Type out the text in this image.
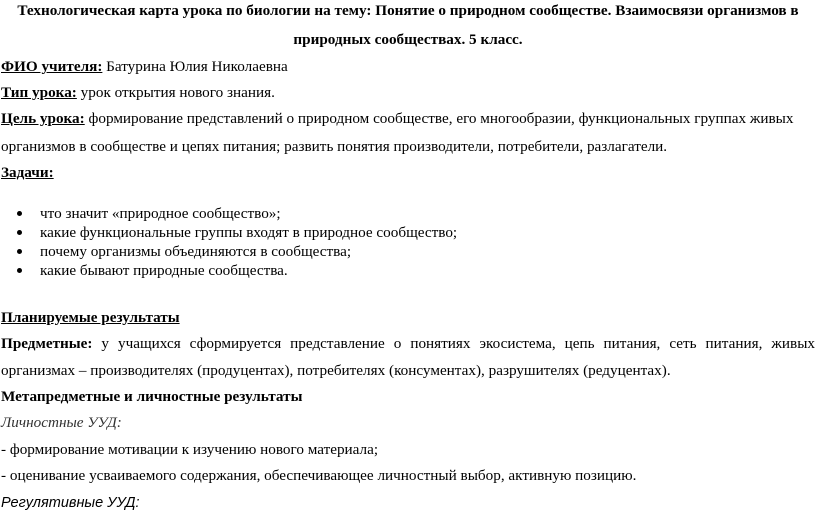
Технологическая карта урока по биологии на тему: Понятие о природном сообществе. Взаимосвязи организмов в
природных сообществах. 5 класс.
ФИО учителя: Батурина Юлия Николаевна
Тип урока: урок открытия нового знания.
Цель урока: формирование представлений о природном сообществе, его многообразии, функциональных группах живых
организмов в сообществе и цепях питания; развить понятия производители, потребители, разлагатели.
Задачи:
что значит «природное сообщество»;
какие функциональные группы входят в природное сообщество;
почему организмы объединяются в сообщества;
какие бывают природные сообщества.
Планируемые результаты
Предметные: у учащихся сформируется представление о понятиях экосистема, цепь питания, сеть питания, живых
организмах – производителях (продуцентах), потребителях (консументах), разрушителях (редуцентах).
Метапредметные и личностные результаты
Личностные УУД:
- формирование мотивации к изучению нового материала;
- оценивание усваиваемого содержания, обеспечивающее личностный выбор, активную позицию.
Регулятивные УУД:
